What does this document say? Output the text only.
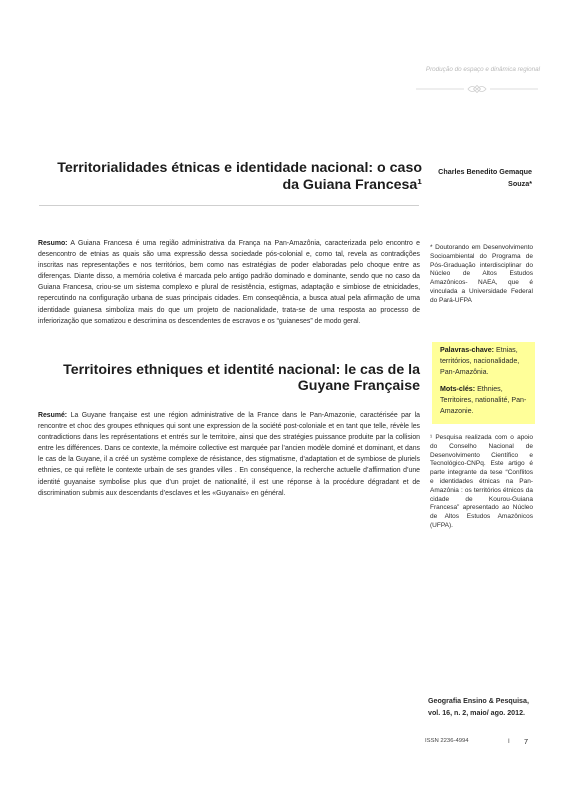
Produção do espaço e dinâmica regional
Territorialidades étnicas e identidade nacional: o caso da Guiana Francesa¹
Charles Benedito Gemaque Souza*
Resumo: A Guiana Francesa é uma região administrativa da França na Pan-Amazônia, caracterizada pelo encontro e desencontro de etnias as quais são uma expressão dessa sociedade pós-colonial e, como tal, revela as contradições inscritas nas representações e nos territórios, bem como nas estratégias de poder elaboradas pelo choque entre as diferenças. Diante disso, a memória coletiva é marcada pelo antigo padrão dominado e dominante, sendo que no caso da Guiana Francesa, criou-se um sistema complexo e plural de resistência, estigmas, adaptação e simbiose de etnicidades, repercutindo na configuração urbana de suas principais cidades. Em conseqüência, a busca atual pela afirmação de uma identidade guianesa simboliza mais do que um projeto de nacionalidade, trata-se de uma resposta ao processo de inferiorização que somatizou e descrimina os descendentes de escravos e os “guianeses” de modo geral.
* Doutorando em Desenvolvimento Socioambiental do Programa de Pós-Graduação interdisciplinar do Núcleo de Altos Estudos Amazônicos- NAEA, que é vinculada a Universidade Federal do Pará-UFPA
Territoires ethniques et identité nacional: le cas de la Guyane Française
Palavras-chave: Etnias, territórios, nacionalidade, Pan-Amazônia.
Mots-clés: Ethnies, Territoires, nationalité, Pan-Amazonie.
Resumé: La Guyane française est une région administrative de la France dans le Pan-Amazonie, caractérisée par la rencontre et choc des groupes ethniques qui sont une expression de la société post-coloniale et en tant que telle, révèle les contradictions dans les représentations et entrés sur le territoire, ainsi que des stratégies puissance produite par la collision entre les différences. Dans ce contexte, la mémoire collective est marquée par l’ancien modèle dominé et dominant, et dans le cas de la Guyane, il a créé un système complexe de résistance, des stigmatisme, d’adaptation et de symbiose de pluriels ethnies, ce qui reflète le contexte urbain de ses grandes villes . En conséquence, la recherche actuelle d’affirmation d’une identité guyanaise symbolise plus que d’un projet de nationalité, il est une réponse à la procédure dégradant et de discrimination submis aux descendants d’esclaves et les «Guyanais» en général.
¹ Pesquisa realizada com o apoio do Conselho Nacional de Desenvolvimento Científico e Tecnológico-CNPq. Este artigo é parte integrante da tese “Conflitos e identidades étnicas na Pan-Amazônia : os territórios étnicos da cidade de Kourou-Guiana Francesa” apresentado ao Núcleo de Altos Estudos Amazônicos (UFPA).
Geografia Ensino & Pesquisa, vol. 16, n. 2, maio/ ago. 2012.
ISSN 2236-4994	I 7
